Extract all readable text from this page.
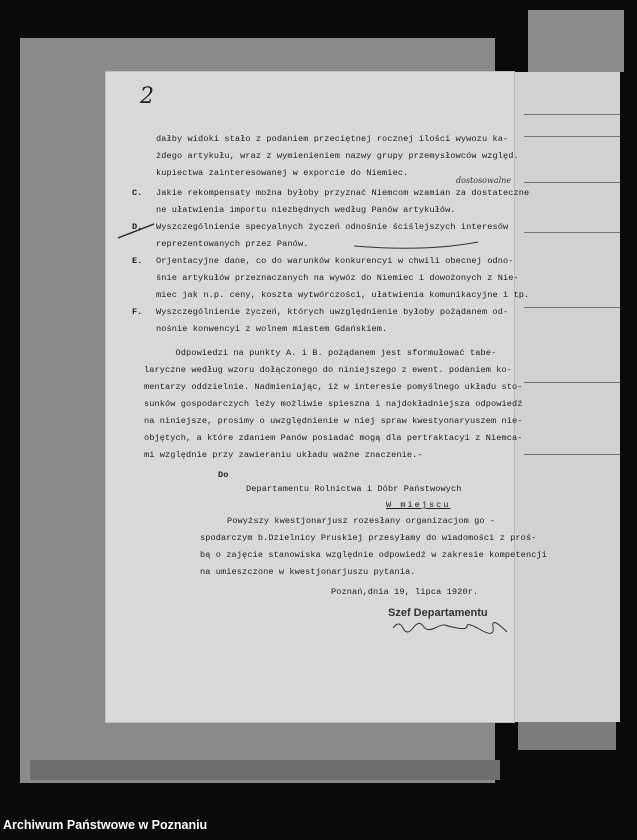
2
dałby widoki stało z podaniem przeciętnej rocznej ilości wywozu ka-
żdego artykułu, wraz z wymienieniem nazwy grupy przemysłowców względ.
kupiectwa zainteresowanej w exporcie do Niemiec.
C. Jakie rekompensaty można byłoby przyznać Niemcom wzamian za dostateczne
dostosowalne
ne ułatwienia importu niezbędnych według Panów artykułów.
D. Wyszczególnienie specyalnych życzeń odnośnie ściślejszych interesów
reprezentowanych przez Panów.
E. Orjentacyjne dane, co do warunków konkurencyi w chwili obecnej odno-
śnie artykułów przeznaczanych na wywóz do Niemiec i dowożonych z Nie-
miec jak n.p. ceny, koszta wytwórczości, ułatwienia komunikacyjne i tp.
F. Wyszczególnienie życzeń, których uwzględnienie byłoby pożądanem od-
nośnie konwencyi z wolnem miastem Gdańskiem.
Odpowiedzi na punkty A. i B. pożądanem jest sformułować tabe-
laryczne według wzoru dołączonego do niniejszego z ewent. podaniem ko-
mentarzy oddzielnie. Nadmieniając, iż w interesie pomyślnego układu sto-
sunków gospodarczych leży możliwie spieszna i najdokładniejsza odpowiedź
na niniejsze, prosimy o uwzględnienie w niej spraw kwestyonaryuszem nie-
objętych, a które zdaniem Panów posiadać mogą dla pertraktacyi z Niemca-
mi względnie przy zawieraniu układu ważne znaczenie.-
Do
Departamentu Rolnictwa i Dóbr Państwowych
W miejscu
Powyższy kwestjonarjusz rozesłany organizacjom go -
spodarczym b.Dzielnicy Pruskiej przesyłamy do wiadomości z proś-
bą o zajęcie stanowiska względnie odpowiedź w zakresie kompetencji
na umieszczone w kwestjonarjuszu pytania.
Poznań,dnia 19, lipca 1920r.
Szef Departamentu
Archiwum Państwowe w Poznaniu
